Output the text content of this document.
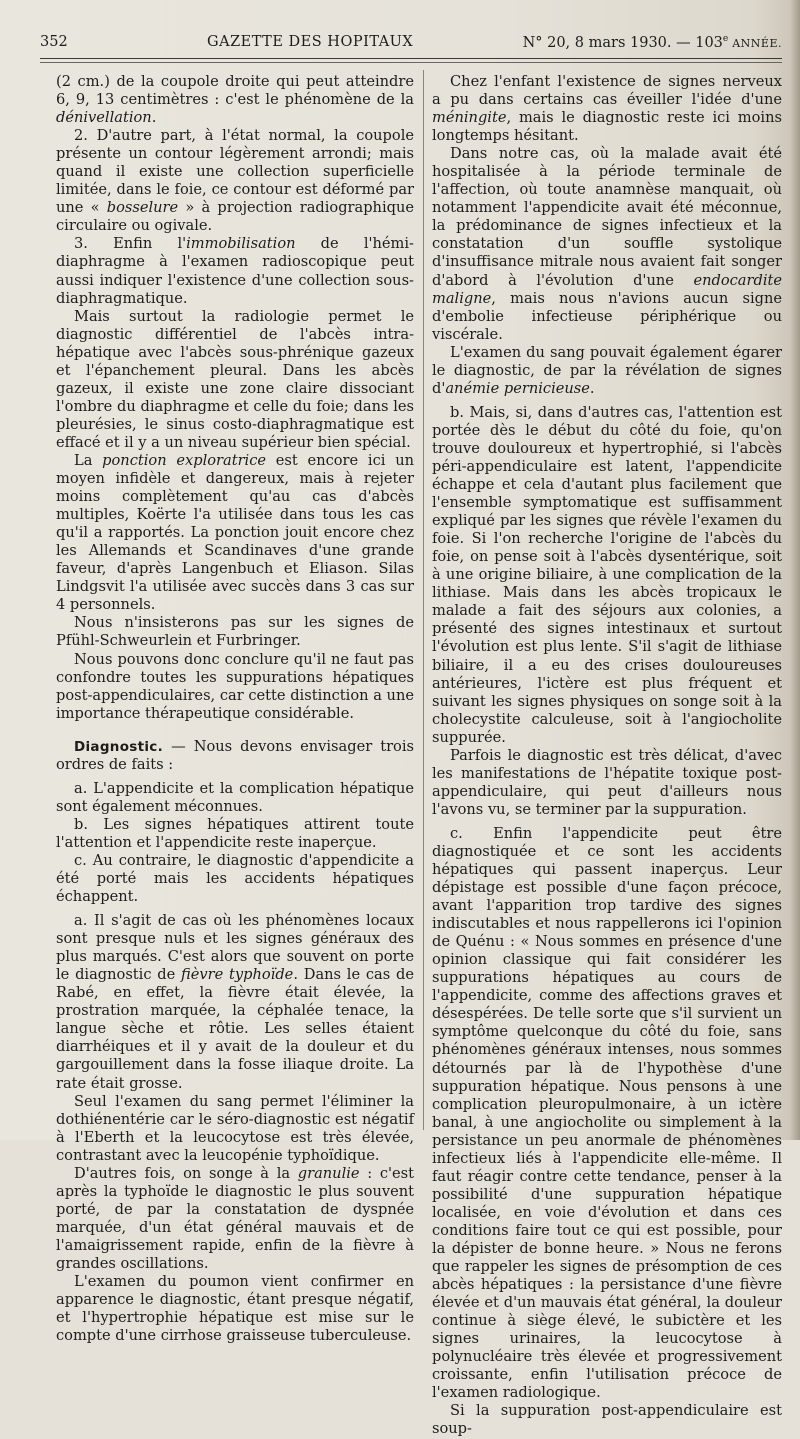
352	GAZETTE DES HOPITAUX	N° 20, 8 mars 1930. — 103e ANNÉE.

(2 cm.) de la coupole droite qui peut atteindre 6, 9, 13 centimètres : c'est le phénomène de la dénivellation.

2. D'autre part, à l'état normal, la coupole présente un contour légèrement arrondi; mais quand il existe une collection superficielle limitée, dans le foie, ce contour est déformé par une « bosselure » à projection radiographique circulaire ou ogivale.

3. Enfin l'immobilisation de l'hémi-diaphragme à l'examen radioscopique peut aussi indiquer l'existence d'une collection sous-diaphragmatique.

Mais surtout la radiologie permet le diagnostic différentiel de l'abcès intra-hépatique avec l'abcès sous-phrénique gazeux et l'épanchement pleural. Dans les abcès gazeux, il existe une zone claire dissociant l'ombre du diaphragme et celle du foie; dans les pleurésies, le sinus costo-diaphragmatique est effacé et il y a un niveau supérieur bien spécial.

La ponction exploratrice est encore ici un moyen infidèle et dangereux, mais à rejeter moins complètement qu'au cas d'abcès multiples, Koërte l'a utilisée dans tous les cas qu'il a rapportés. La ponction jouit encore chez les Allemands et Scandinaves d'une grande faveur, d'après Langenbuch et Eliason. Silas Lindgsvit l'a utilisée avec succès dans 3 cas sur 4 personnels.

Nous n'insisterons pas sur les signes de Pfühl-Schweurlein et Furbringer.

Nous pouvons donc conclure qu'il ne faut pas confondre toutes les suppurations hépatiques post-appendiculaires, car cette distinction a une importance thérapeutique considérable.

Diagnostic. — Nous devons envisager trois ordres de faits :

a. L'appendicite et la complication hépatique sont également méconnues.

b. Les signes hépatiques attirent toute l'attention et l'appendicite reste inaperçue.

c. Au contraire, le diagnostic d'appendicite a été porté mais les accidents hépatiques échappent.

a. Il s'agit de cas où les phénomènes locaux sont presque nuls et les signes généraux des plus marqués. C'est alors que souvent on porte le diagnostic de fièvre typhoïde. Dans le cas de Rabé, en effet, la fièvre était élevée, la prostration marquée, la céphalée tenace, la langue sèche et rôtie. Les selles étaient diarrhéiques et il y avait de la douleur et du gargouillement dans la fosse iliaque droite. La rate était grosse.

Seul l'examen du sang permet l'éliminer la dothiénentérie car le séro-diagnostic est négatif à l'Eberth et la leucocytose est très élevée, contrastant avec la leucopénie typhoïdique.

D'autres fois, on songe à la granulie : c'est après la typhoïde le diagnostic le plus souvent porté, de par la constatation de dyspnée marquée, d'un état général mauvais et de l'amaigrissement rapide, enfin de la fièvre à grandes oscillations.

L'examen du poumon vient confirmer en apparence le diagnostic, étant presque négatif, et l'hypertrophie hépatique est mise sur le compte d'une cirrhose graisseuse tuberculeuse.

Chez l'enfant l'existence de signes nerveux a pu dans certains cas éveiller l'idée d'une méningite, mais le diagnostic reste ici moins longtemps hésitant.

Dans notre cas, où la malade avait été hospitalisée à la période terminale de l'affection, où toute anamnèse manquait, où notamment l'appendicite avait été méconnue, la prédominance de signes infectieux et la constatation d'un souffle systolique d'insuffisance mitrale nous avaient fait songer d'abord à l'évolution d'une endocardite maligne, mais nous n'avions aucun signe d'embolie infectieuse périphérique ou viscérale.

L'examen du sang pouvait également égarer le diagnostic, de par la révélation de signes d'anémie pernicieuse.

b. Mais, si, dans d'autres cas, l'attention est portée dès le début du côté du foie, qu'on trouve douloureux et hypertrophié, si l'abcès péri-appendiculaire est latent, l'appendicite échappe et cela d'autant plus facilement que l'ensemble symptomatique est suffisamment expliqué par les signes que révèle l'examen du foie. Si l'on recherche l'origine de l'abcès du foie, on pense soit à l'abcès dysentérique, soit à une origine biliaire, à une complication de la lithiase. Mais dans les abcès tropicaux le malade a fait des séjours aux colonies, a présenté des signes intestinaux et surtout l'évolution est plus lente. S'il s'agit de lithiase biliaire, il a eu des crises douloureuses antérieures, l'ictère est plus fréquent et suivant les signes physiques on songe soit à la cholecystite calculeuse, soit à l'angiocholite suppurée.

Parfois le diagnostic est très délicat, d'avec les manifestations de l'hépatite toxique post-appendiculaire, qui peut d'ailleurs nous l'avons vu, se terminer par la suppuration.

c. Enfin l'appendicite peut être diagnostiquée et ce sont les accidents hépatiques qui passent inaperçus. Leur dépistage est possible d'une façon précoce, avant l'apparition trop tardive des signes indiscutables et nous rappellerons ici l'opinion de Quénu : « Nous sommes en présence d'une opinion classique qui fait considérer les suppurations hépatiques au cours de l'appendicite, comme des affections graves et désespérées. De telle sorte que s'il survient un symptôme quelconque du côté du foie, sans phénomènes généraux intenses, nous sommes détournés par là de l'hypothèse d'une suppuration hépatique. Nous pensons à une complication pleuropulmonaire, à un ictère banal, à une angiocholite ou simplement à la persistance un peu anormale de phénomènes infectieux liés à l'appendicite elle-même. Il faut réagir contre cette tendance, penser à la possibilité d'une suppuration hépatique localisée, en voie d'évolution et dans ces conditions faire tout ce qui est possible, pour la dépister de bonne heure. » Nous ne ferons que rappeler les signes de présomption de ces abcès hépatiques : la persistance d'une fièvre élevée et d'un mauvais état général, la douleur continue à siège élevé, le subictère et les signes urinaires, la leucocytose à polynucléaire très élevée et progressivement croissante, enfin l'utilisation précoce de l'examen radiologique.

Si la suppuration post-appendiculaire est soup-
